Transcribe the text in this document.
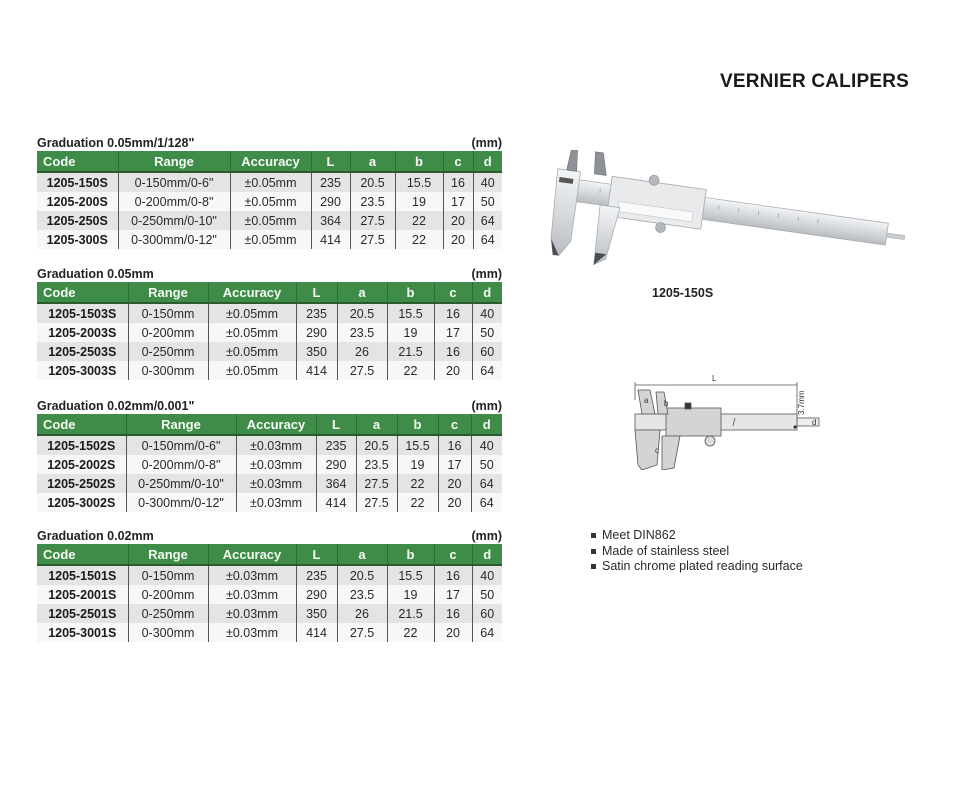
VERNIER CALIPERS
Graduation 0.05mm/1/128"	(mm)
Code	Range	Accuracy	L	a	b	c	d
1205-150S	0-150mm/0-6"	±0.05mm	235	20.5	15.5	16	40
1205-200S	0-200mm/0-8"	±0.05mm	290	23.5	19	17	50
1205-250S	0-250mm/0-10"	±0.05mm	364	27.5	22	20	64
1205-300S	0-300mm/0-12"	±0.05mm	414	27.5	22	20	64
Graduation 0.05mm	(mm)
Code	Range	Accuracy	L	a	b	c	d
1205-1503S	0-150mm	±0.05mm	235	20.5	15.5	16	40
1205-2003S	0-200mm	±0.05mm	290	23.5	19	17	50
1205-2503S	0-250mm	±0.05mm	350	26	21.5	16	60
1205-3003S	0-300mm	±0.05mm	414	27.5	22	20	64
Graduation 0.02mm/0.001"	(mm)
Code	Range	Accuracy	L	a	b	c	d
1205-1502S	0-150mm/0-6"	±0.03mm	235	20.5	15.5	16	40
1205-2002S	0-200mm/0-8"	±0.03mm	290	23.5	19	17	50
1205-2502S	0-250mm/0-10"	±0.03mm	364	27.5	22	20	64
1205-3002S	0-300mm/0-12"	±0.03mm	414	27.5	22	20	64
Graduation 0.02mm	(mm)
Code	Range	Accuracy	L	a	b	c	d
1205-1501S	0-150mm	±0.03mm	235	20.5	15.5	16	40
1205-2001S	0-200mm	±0.03mm	290	23.5	19	17	50
1205-2501S	0-250mm	±0.03mm	350	26	21.5	16	60
1205-3001S	0-300mm	±0.03mm	414	27.5	22	20	64
1205-150S
L
a b
c
d
3.7mm
Meet DIN862
Made of stainless steel
Satin chrome plated reading surface
